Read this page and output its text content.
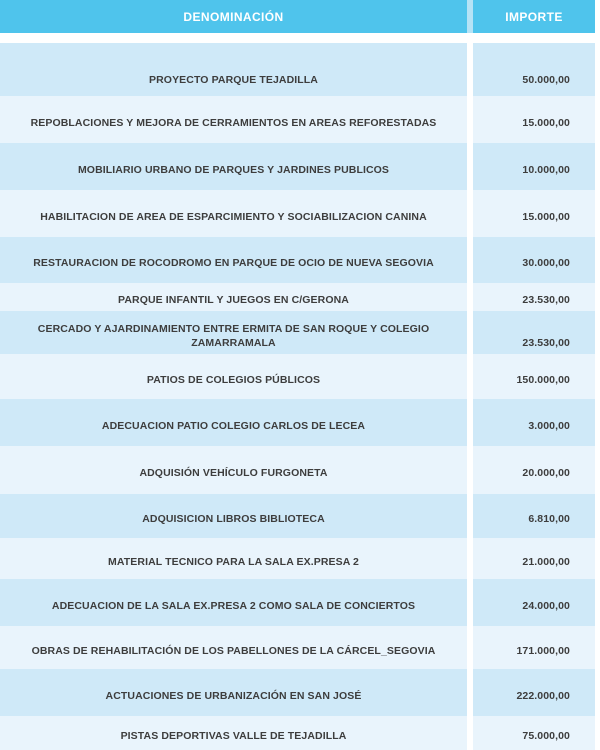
DENOMINACIÓN	IMPORTE
PROYECTO PARQUE TEJADILLA	50.000,00
REPOBLACIONES Y MEJORA DE CERRAMIENTOS EN AREAS REFORESTADAS	15.000,00
MOBILIARIO URBANO DE PARQUES Y JARDINES PUBLICOS	10.000,00
HABILITACION DE AREA DE ESPARCIMIENTO Y SOCIABILIZACION CANINA	15.000,00
RESTAURACION DE ROCODROMO EN PARQUE DE OCIO DE NUEVA SEGOVIA	30.000,00
PARQUE INFANTIL Y JUEGOS EN C/GERONA	23.530,00
CERCADO Y AJARDINAMIENTO ENTRE ERMITA DE SAN ROQUE Y COLEGIO ZAMARRAMALA	23.530,00
PATIOS DE COLEGIOS PÚBLICOS	150.000,00
ADECUACION PATIO COLEGIO CARLOS DE LECEA	3.000,00
ADQUISIÓN VEHÍCULO FURGONETA	20.000,00
ADQUISICION LIBROS BIBLIOTECA	6.810,00
MATERIAL TECNICO PARA LA SALA EX.PRESA 2	21.000,00
ADECUACION DE LA SALA EX.PRESA 2 COMO SALA DE CONCIERTOS	24.000,00
OBRAS DE REHABILITACIÓN DE LOS PABELLONES DE LA CÁRCEL_SEGOVIA	171.000,00
ACTUACIONES DE URBANIZACIÓN EN SAN JOSÉ	222.000,00
PISTAS DEPORTIVAS VALLE DE TEJADILLA	75.000,00
